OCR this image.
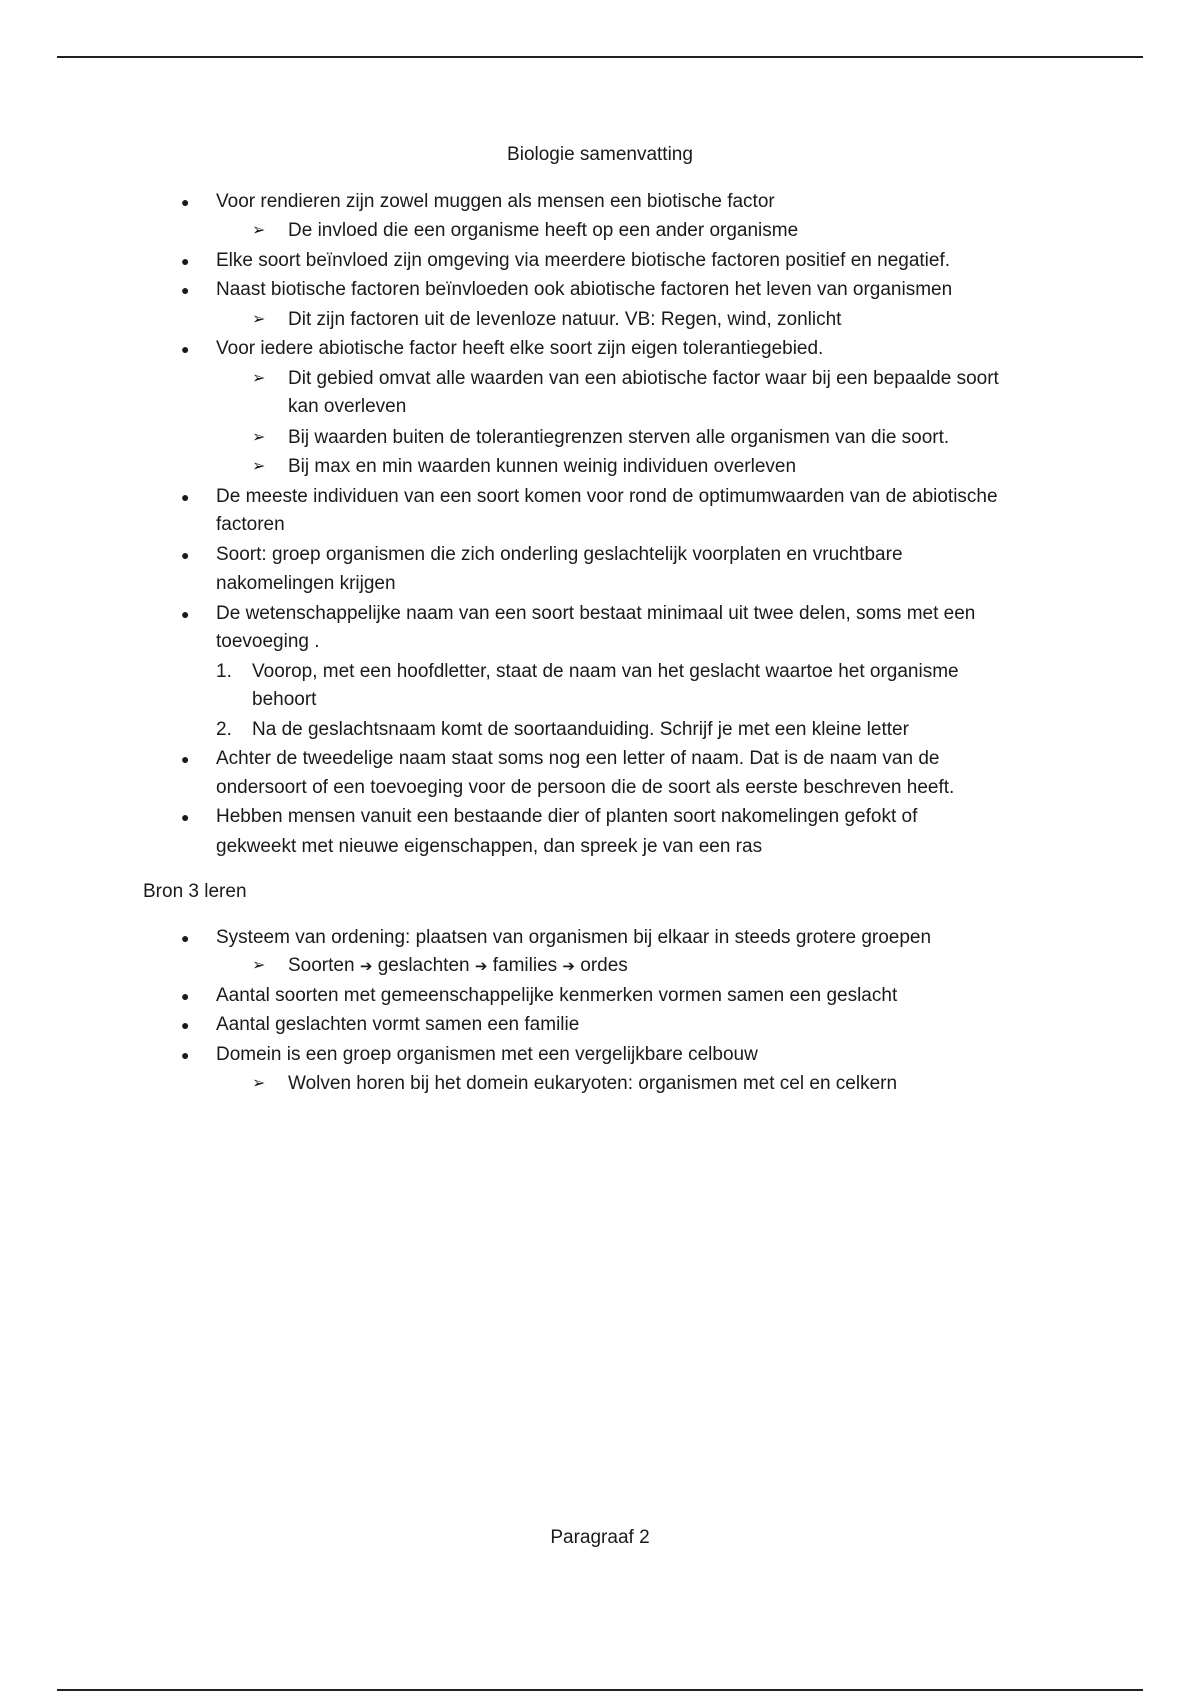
Biologie samenvatting
● Voor rendieren zijn zowel muggen als mensen een biotische factor
➢ De invloed die een organisme heeft op een ander organisme
● Elke soort beïnvloed zijn omgeving via meerdere biotische factoren positief en negatief.
● Naast biotische factoren beïnvloeden ook abiotische factoren het leven van organismen
➢ Dit zijn factoren uit de levenloze natuur. VB: Regen, wind, zonlicht
● Voor iedere abiotische factor heeft elke soort zijn eigen tolerantiegebied.
➢ Dit gebied omvat alle waarden van een abiotische factor waar bij een bepaalde soort
kan overleven
➢ Bij waarden buiten de tolerantiegrenzen sterven alle organismen van die soort.
➢ Bij max en min waarden kunnen weinig individuen overleven
● De meeste individuen van een soort komen voor rond de optimumwaarden van de abiotische
factoren
● Soort: groep organismen die zich onderling geslachtelijk voorplaten en vruchtbare
nakomelingen krijgen
● De wetenschappelijke naam van een soort bestaat minimaal uit twee delen, soms met een
toevoeging .
1. Voorop, met een hoofdletter, staat de naam van het geslacht waartoe het organisme
behoort
2. Na de geslachtsnaam komt de soortaanduiding. Schrijf je met een kleine letter
● Achter de tweedelige naam staat soms nog een letter of naam. Dat is de naam van de
ondersoort of een toevoeging voor de persoon die de soort als eerste beschreven heeft.
● Hebben mensen vanuit een bestaande dier of planten soort nakomelingen gefokt of
gekweekt met nieuwe eigenschappen, dan spreek je van een ras
Bron 3 leren
● Systeem van ordening: plaatsen van organismen bij elkaar in steeds grotere groepen
➢ Soorten ➔ geslachten ➔ families ➔ ordes
● Aantal soorten met gemeenschappelijke kenmerken vormen samen een geslacht
● Aantal geslachten vormt samen een familie
● Domein is een groep organismen met een vergelijkbare celbouw
➢ Wolven horen bij het domein eukaryoten: organismen met cel en celkern
Paragraaf 2
